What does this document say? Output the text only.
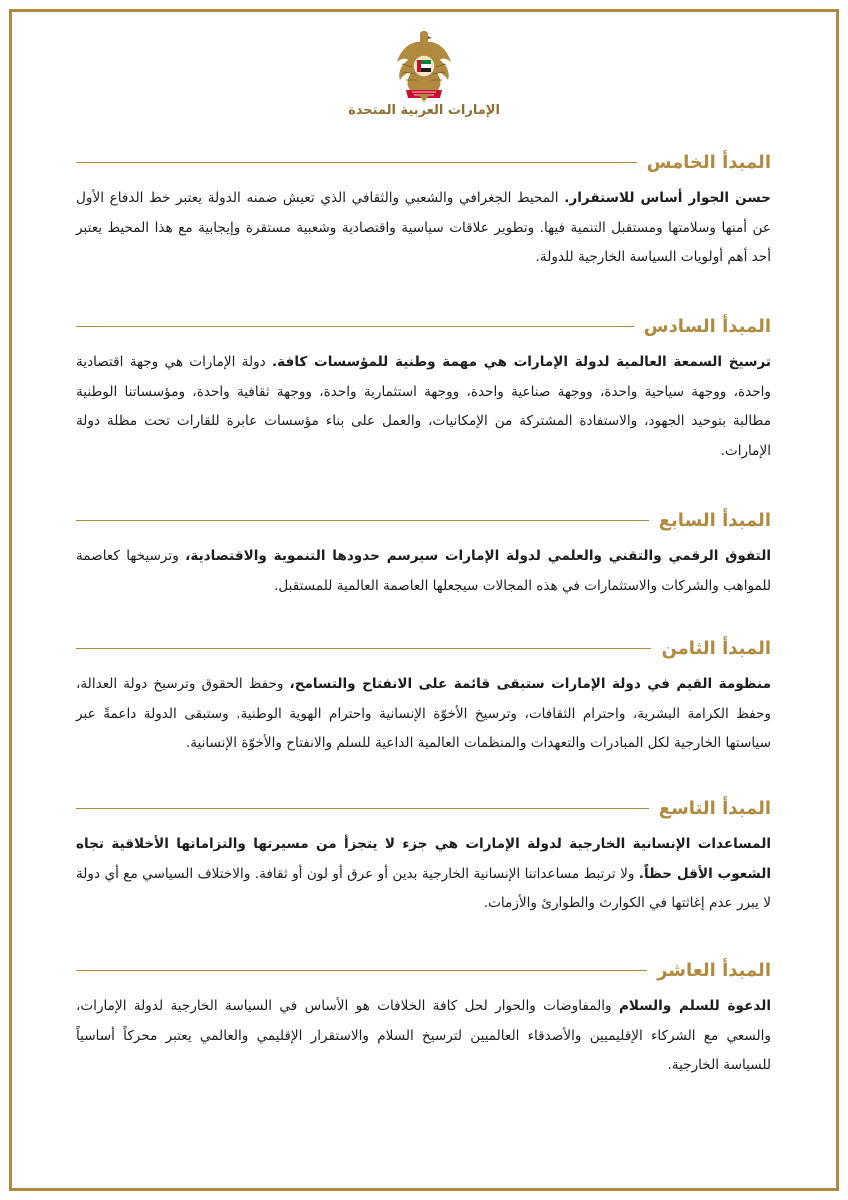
الإمارات العربية المتحدة
المبدأ الخامس
حسن الجوار أساس للاستقرار. المحيط الجغرافي والشعبي والثقافي الذي تعيش ضمنه الدولة يعتبر خط الدفاع الأول عن أمنها وسلامتها ومستقبل التنمية فيها. وتطوير علاقات سياسية واقتصادية وشعبية مستقرة وإيجابية مع هذا المحيط يعتبر أحد أهم أولويات السياسة الخارجية للدولة.
المبدأ السادس
ترسيخ السمعة العالمية لدولة الإمارات هي مهمة وطنية للمؤسسات كافة. دولة الإمارات هي وجهة اقتصادية واحدة، ووجهة سياحية واحدة، ووجهة صناعية واحدة، ووجهة استثمارية واحدة، ووجهة ثقافية واحدة، ومؤسساتنا الوطنية مطالبة بتوحيد الجهود، والاستفادة المشتركة من الإمكانيات، والعمل على بناء مؤسسات عابرة للقارات تحت مظلة دولة الإمارات.
المبدأ السابع
التفوق الرقمي والتقني والعلمي لدولة الإمارات سيرسم حدودها التنموية والاقتصادية، وترسيخها كعاصمة للمواهب والشركات والاستثمارات في هذه المجالات سيجعلها العاصمة العالمية للمستقبل.
المبدأ الثامن
منظومة القيم في دولة الإمارات ستبقى قائمة على الانفتاح والتسامح، وحفظ الحقوق وترسيخ دولة العدالة، وحفظ الكرامة البشرية، واحترام الثقافات، وترسيخ الأخوّة الإنسانية واحترام الهوية الوطنية. وستبقى الدولة داعمةً عبر سياستها الخارجية لكل المبادرات والتعهدات والمنظمات العالمية الداعية للسلم والانفتاح والأخوّة الإنسانية.
المبدأ التاسع
المساعدات الإنسانية الخارجية لدولة الإمارات هي جزء لا يتجزأ من مسيرتها والتزاماتها الأخلاقية تجاه الشعوب الأقل حظاً. ولا ترتبط مساعداتنا الإنسانية الخارجية بدين أو عرق أو لون أو ثقافة. والاختلاف السياسي مع أي دولة لا يبرر عدم إغاثتها في الكوارث والطوارئ والأزمات.
المبدأ العاشر
الدعوة للسلم والسلام والمفاوضات والحوار لحل كافة الخلافات هو الأساس في السياسة الخارجية لدولة الإمارات، والسعي مع الشركاء الإقليميين والأصدقاء العالميين لترسيخ السلام والاستقرار الإقليمي والعالمي يعتبر محركاً أساسياً للسياسة الخارجية.
